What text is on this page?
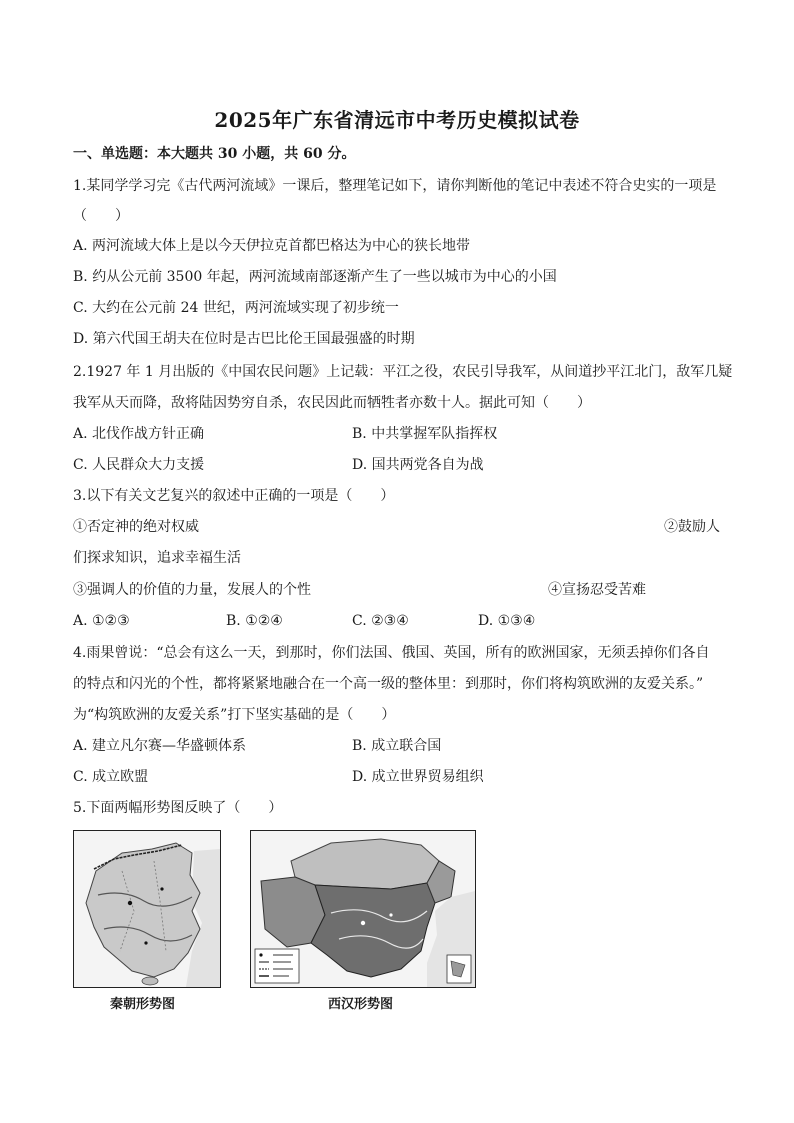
2025年广东省清远市中考历史模拟试卷
一、单选题：本大题共 30 小题，共 60 分。
1.某同学学习完《古代两河流域》一课后，整理笔记如下，请你判断他的笔记中表述不符合史实的一项是
（　　）
A. 两河流域大体上是以今天伊拉克首都巴格达为中心的狭长地带
B. 约从公元前 3500 年起，两河流域南部逐渐产生了一些以城市为中心的小国
C. 大约在公元前 24 世纪，两河流域实现了初步统一
D. 第六代国王胡夫在位时是古巴比伦王国最强盛的时期
2.1927 年 1 月出版的《中国农民问题》上记载：平江之役，农民引导我军，从间道抄平江北门，敌军几疑
我军从天而降，敌将陆因势穷自杀，农民因此而牺牲者亦数十人。据此可知（　　）
A. 北伐作战方针正确	B. 中共掌握军队指挥权
C. 人民群众大力支援	D. 国共两党各自为战
3.以下有关文艺复兴的叙述中正确的一项是（　　）
①否定神的绝对权威	②鼓励人
们探求知识，追求幸福生活
③强调人的价值的力量，发展人的个性	④宣扬忍受苦难
A. ①②③	B. ①②④	C. ②③④	D. ①③④
4.雨果曾说：“总会有这么一天，到那时，你们法国、俄国、英国，所有的欧洲国家，无须丢掉你们各自
的特点和闪光的个性，都将紧紧地融合在一个高一级的整体里：到那时，你们将构筑欧洲的友爱关系。”
为“构筑欧洲的友爱关系”打下坚实基础的是（　　）
A. 建立凡尔赛—华盛顿体系	B. 成立联合国
C. 成立欧盟	D. 成立世界贸易组织
5.下面两幅形势图反映了（　　）
秦朝形势图	西汉形势图
